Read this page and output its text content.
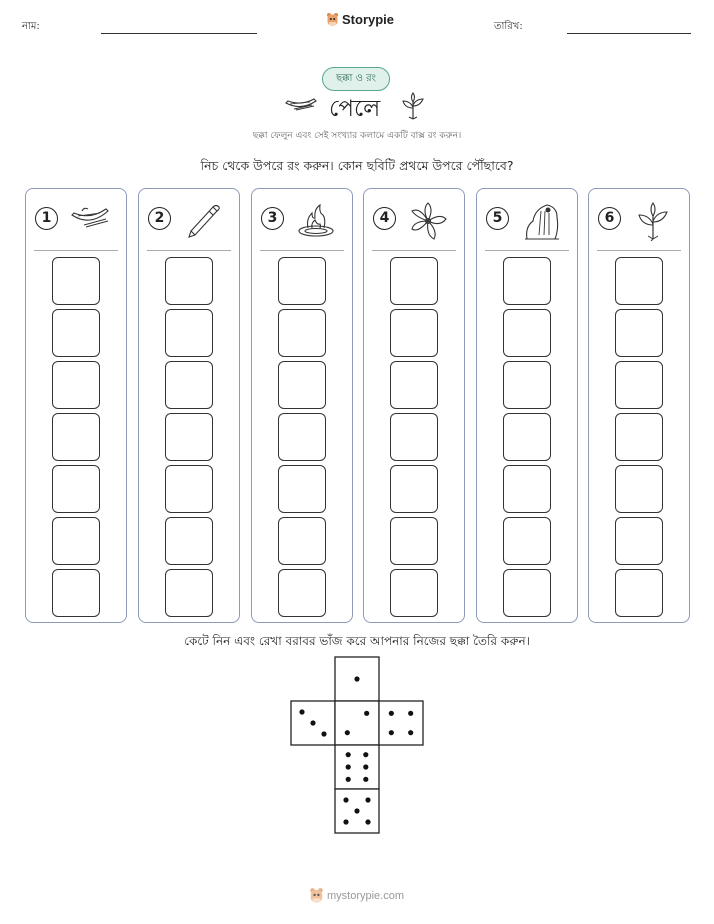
নাম:	Storypie	তারিখ:
ছক্কা ও রং
পেলে
ছক্কা ফেলুন এবং সেই সংখ্যার কলামে একটি বাক্স রং করুন।
নিচ থেকে উপরে রং করুন। কোন ছবিটি প্রথমে উপরে পৌঁছাবে?
1	2	3	4	5	6
কেটে নিন এবং রেখা বরাবর ভাঁজ করে আপনার নিজের ছক্কা তৈরি করুন।
mystorypie.com
